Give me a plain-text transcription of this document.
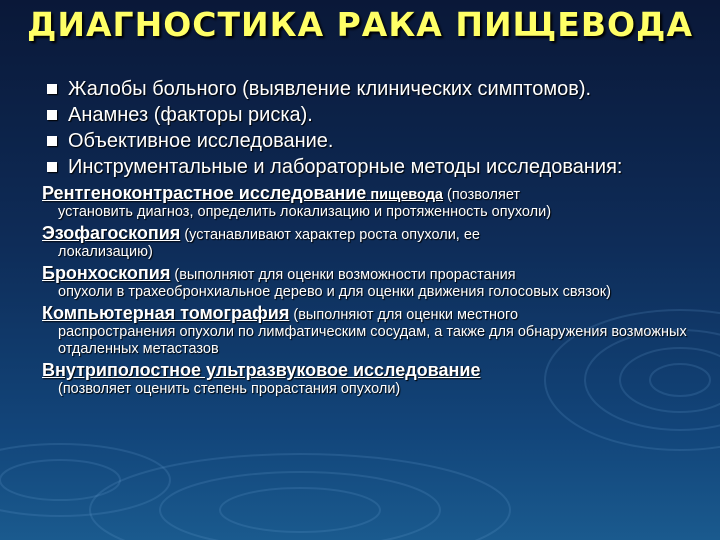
ДИАГНОСТИКА РАКА ПИЩЕВОДА
Жалобы больного (выявление клинических симптомов).
Анамнез (факторы риска).
Объективное исследование.
Инструментальные и лабораторные методы исследования:
Рентгеноконтрастное исследование пищевода (позволяет
установить диагноз, определить локализацию и протяженность опухоли)
Эзофагоскопия (устанавливают характер роста опухоли, ее
локализацию)
Бронхоскопия (выполняют для оценки возможности прорастания
опухоли в трахеобронхиальное дерево и для оценки движения голосовых связок)
Компьютерная томография (выполняют для оценки местного
распространения опухоли по лимфатическим сосудам, а также для обнаружения возможных отдаленных метастазов
Внутриполостное ультразвуковое исследование
(позволяет оценить степень прорастания опухоли)
